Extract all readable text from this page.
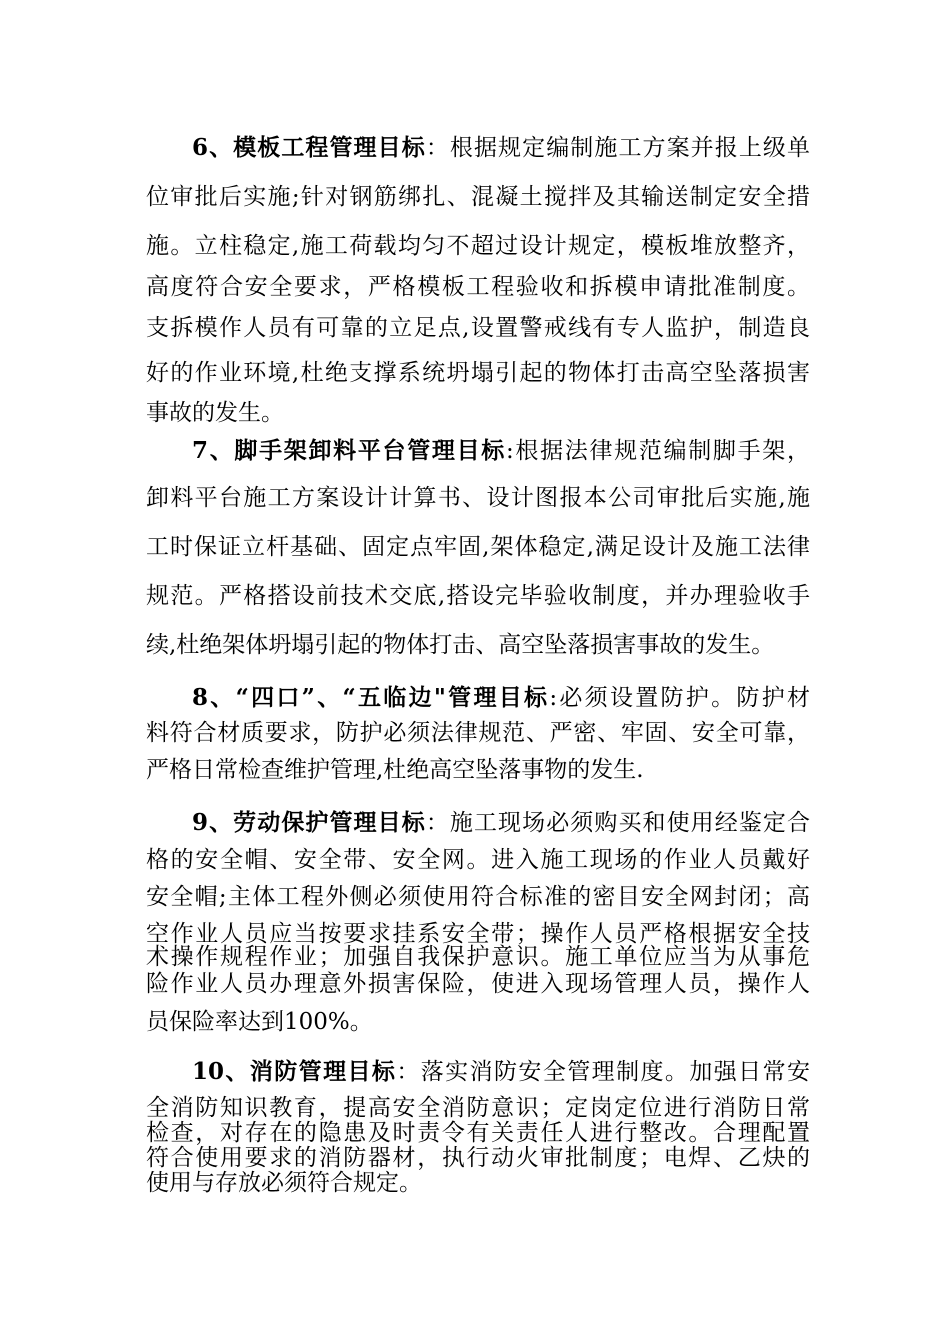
6、模板工程管理目标：根据规定编制施工方案并报上级单
位审批后实施;针对钢筋绑扎、混凝土搅拌及其输送制定安全措
施。立柱稳定,施工荷载均匀不超过设计规定，模板堆放整齐，
高度符合安全要求，严格模板工程验收和拆模申请批准制度。
支拆模作人员有可靠的立足点,设置警戒线有专人监护，制造良
好的作业环境,杜绝支撑系统坍塌引起的物体打击高空坠落损害
事故的发生。
7、脚手架卸料平台管理目标:根据法律规范编制脚手架，
卸料平台施工方案设计计算书、设计图报本公司审批后实施,施
工时保证立杆基础、固定点牢固,架体稳定,满足设计及施工法律
规范。严格搭设前技术交底,搭设完毕验收制度，并办理验收手
续,杜绝架体坍塌引起的物体打击、高空坠落损害事故的发生。
8、“四口”、“五临边"管理目标:必须设置防护。防护材
料符合材质要求，防护必须法律规范、严密、牢固、安全可靠，
严格日常检查维护管理,杜绝高空坠落事物的发生.
9、劳动保护管理目标：施工现场必须购买和使用经鉴定合
格的安全帽、安全带、安全网。进入施工现场的作业人员戴好
安全帽;主体工程外侧必须使用符合标准的密目安全网封闭；高
空作业人员应当按要求挂系安全带；操作人员严格根据安全技
术操作规程作业；加强自我保护意识。施工单位应当为从事危
险作业人员办理意外损害保险，使进入现场管理人员，操作人
员保险率达到100%。
10、消防管理目标：落实消防安全管理制度。加强日常安
全消防知识教育，提高安全消防意识；定岗定位进行消防日常
检查，对存在的隐患及时责令有关责任人进行整改。合理配置
符合使用要求的消防器材，执行动火审批制度；电焊、乙炔的
使用与存放必须符合规定。
